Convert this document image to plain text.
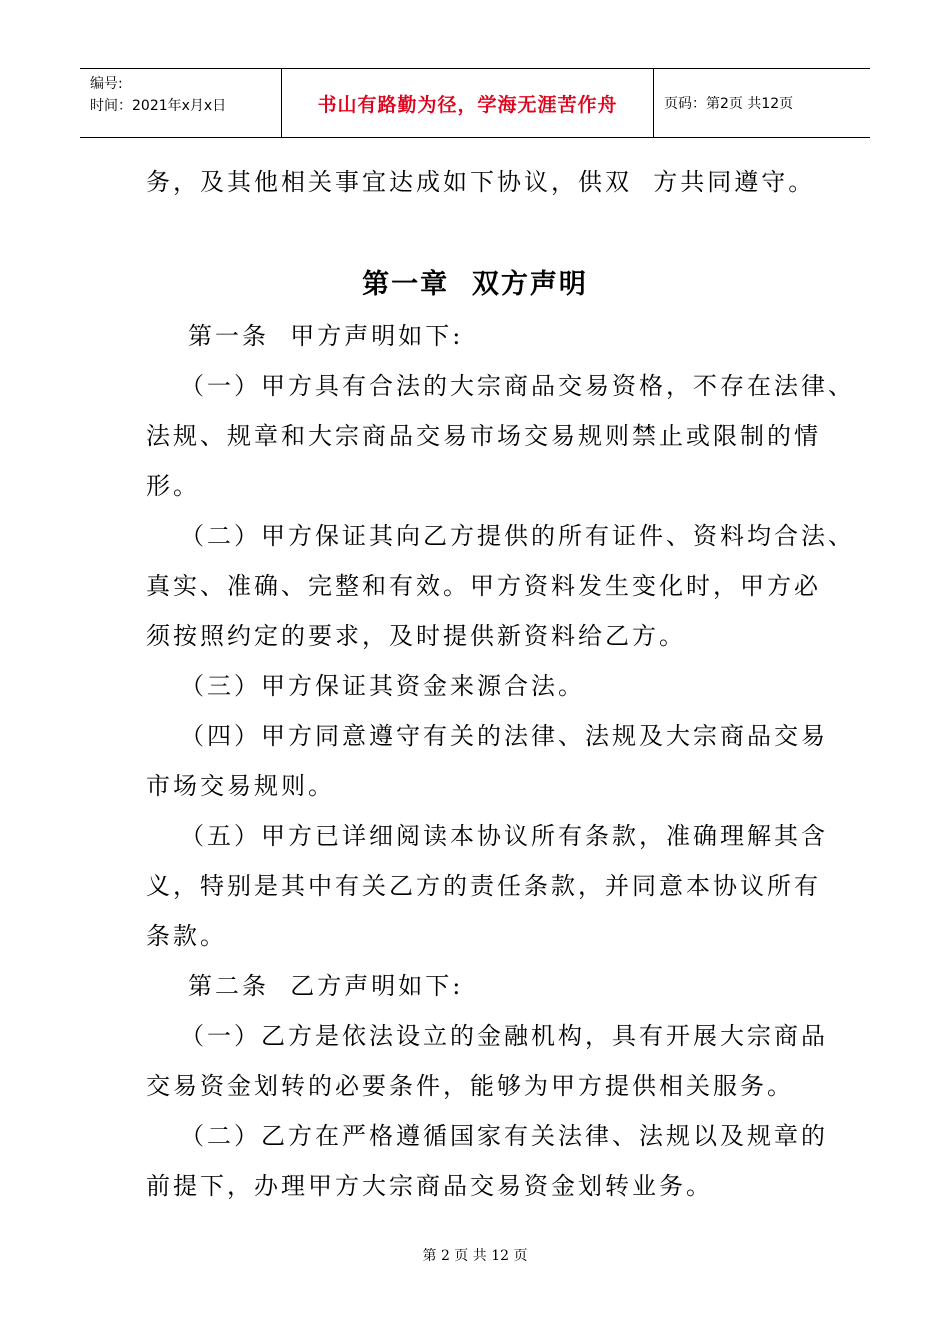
编号:
时间：2021年x月x日	书山有路勤为径，学海无涯苦作舟	页码：第2页 共12页

务，及其他相关事宜达成如下协议，供双  方共同遵守。

第一章  双方声明

第一条  甲方声明如下:

（一）甲方具有合法的大宗商品交易资格，不存在法律、

法规、规章和大宗商品交易市场交易规则禁止或限制的情

形。

（二）甲方保证其向乙方提供的所有证件、资料均合法、

真实、准确、完整和有效。甲方资料发生变化时，甲方必

须按照约定的要求，及时提供新资料给乙方。

（三）甲方保证其资金来源合法。

（四）甲方同意遵守有关的法律、法规及大宗商品交易

市场交易规则。

（五）甲方已详细阅读本协议所有条款，准确理解其含

义，特别是其中有关乙方的责任条款，并同意本协议所有

条款。

第二条  乙方声明如下:

（一）乙方是依法设立的金融机构，具有开展大宗商品

交易资金划转的必要条件，能够为甲方提供相关服务。

（二）乙方在严格遵循国家有关法律、法规以及规章的

前提下，办理甲方大宗商品交易资金划转业务。

第 2 页 共 12 页
